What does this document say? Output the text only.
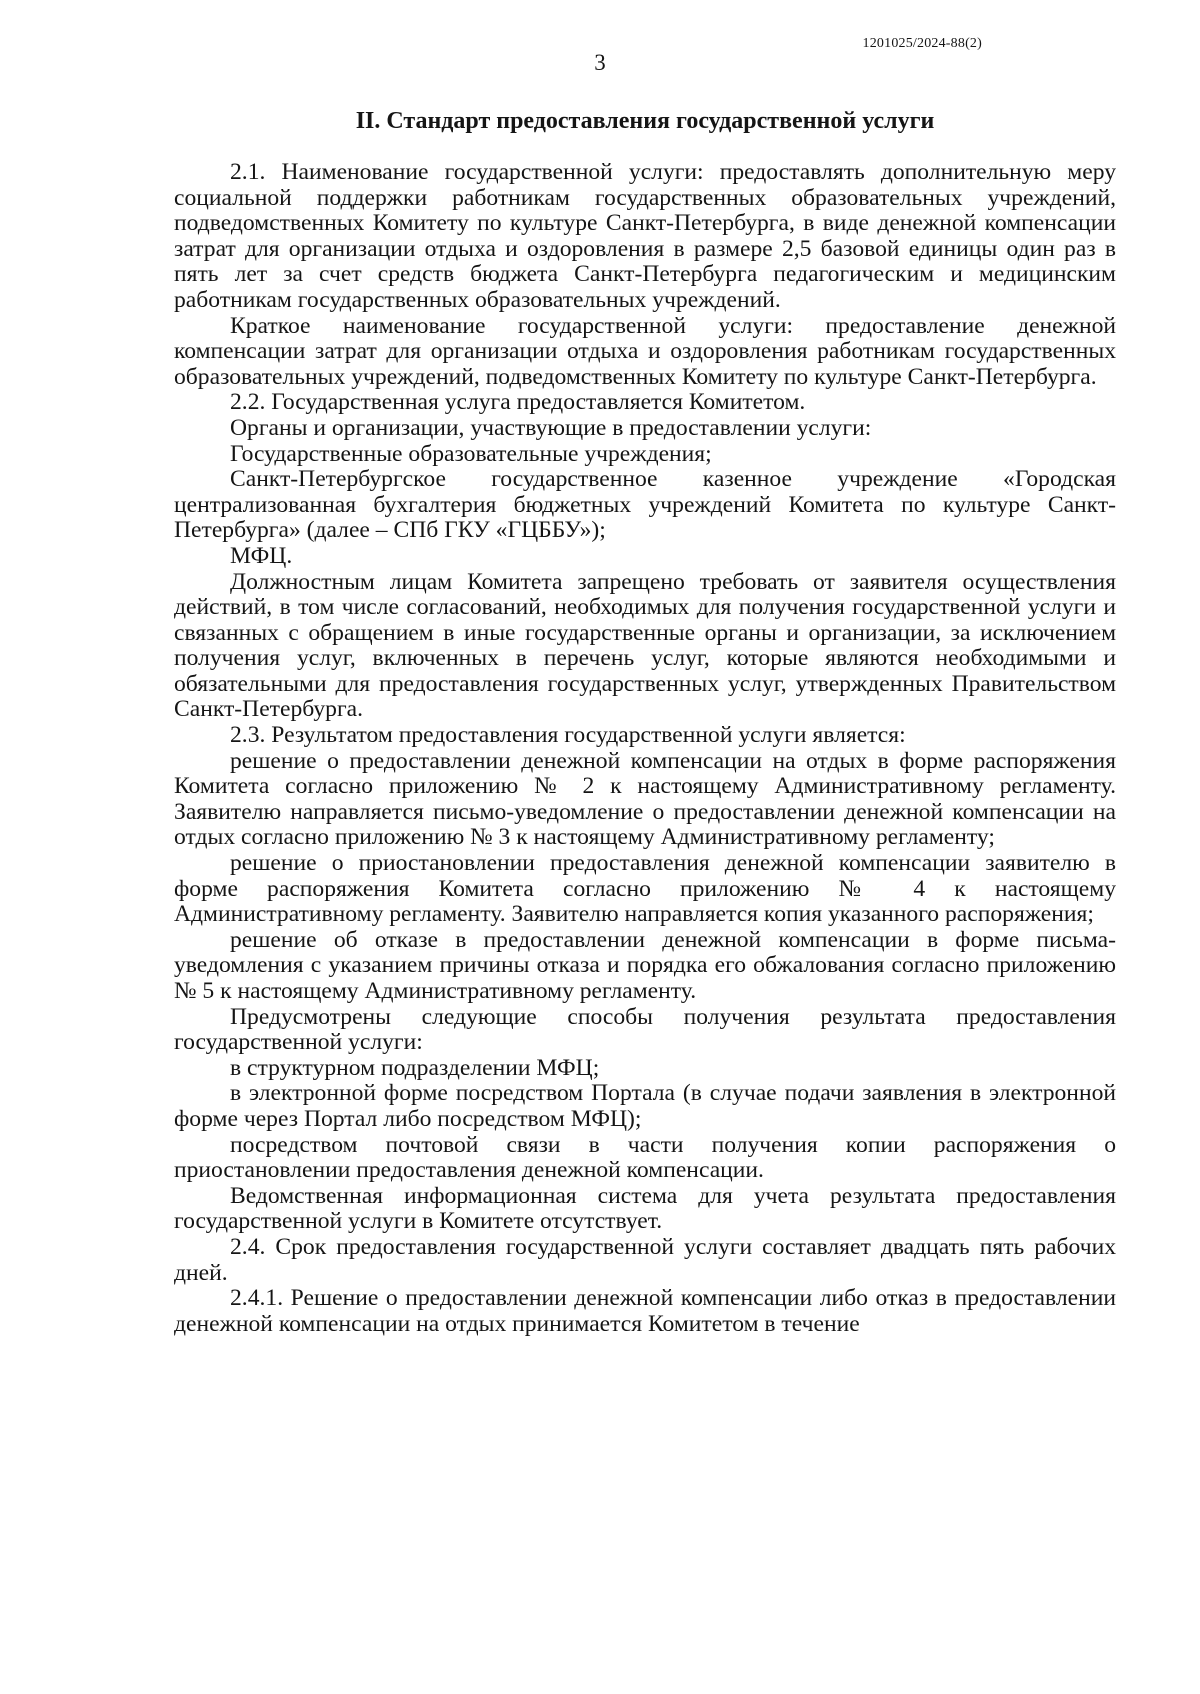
1201025/2024-88(2)
3
II. Стандарт предоставления государственной услуги

2.1. Наименование государственной услуги: предоставлять дополнительную меру социальной поддержки работникам государственных образовательных учреждений, подведомственных Комитету по культуре Санкт-Петербурга, в виде денежной компенсации затрат для организации отдыха и оздоровления в размере 2,5 базовой единицы один раз в пять лет за счет средств бюджета Санкт-Петербурга педагогическим и медицинским работникам государственных образовательных учреждений.

Краткое наименование государственной услуги: предоставление денежной компенсации затрат для организации отдыха и оздоровления работникам государственных образовательных учреждений, подведомственных Комитету по культуре Санкт-Петербурга.

2.2. Государственная услуга предоставляется Комитетом.

Органы и организации, участвующие в предоставлении услуги:

Государственные образовательные учреждения;

Санкт-Петербургское государственное казенное учреждение «Городская централизованная бухгалтерия бюджетных учреждений Комитета по культуре Санкт-Петербурга» (далее – СПб ГКУ «ГЦББУ»);

МФЦ.

Должностным лицам Комитета запрещено требовать от заявителя осуществления действий, в том числе согласований, необходимых для получения государственной услуги и связанных с обращением в иные государственные органы и организации, за исключением получения услуг, включенных в перечень услуг, которые являются необходимыми и обязательными для предоставления государственных услуг, утвержденных Правительством Санкт-Петербурга.

2.3. Результатом предоставления государственной услуги является:

решение о предоставлении денежной компенсации на отдых в форме распоряжения Комитета согласно приложению № 2 к настоящему Административному регламенту. Заявителю направляется письмо-уведомление о предоставлении денежной компенсации на отдых согласно приложению № 3 к настоящему Административному регламенту;

решение о приостановлении предоставления денежной компенсации заявителю в форме распоряжения Комитета согласно приложению № 4 к настоящему Административному регламенту. Заявителю направляется копия указанного распоряжения;

решение об отказе в предоставлении денежной компенсации в форме письма-уведомления с указанием причины отказа и порядка его обжалования согласно приложению № 5 к настоящему Административному регламенту.

Предусмотрены следующие способы получения результата предоставления государственной услуги:

в структурном подразделении МФЦ;

в электронной форме посредством Портала (в случае подачи заявления в электронной форме через Портал либо посредством МФЦ);

посредством почтовой связи в части получения копии распоряжения о приостановлении предоставления денежной компенсации.

Ведомственная информационная система для учета результата предоставления государственной услуги в Комитете отсутствует.

2.4. Срок предоставления государственной услуги составляет двадцать пять рабочих дней.

2.4.1. Решение о предоставлении денежной компенсации либо отказ в предоставлении денежной компенсации на отдых принимается Комитетом в течение
